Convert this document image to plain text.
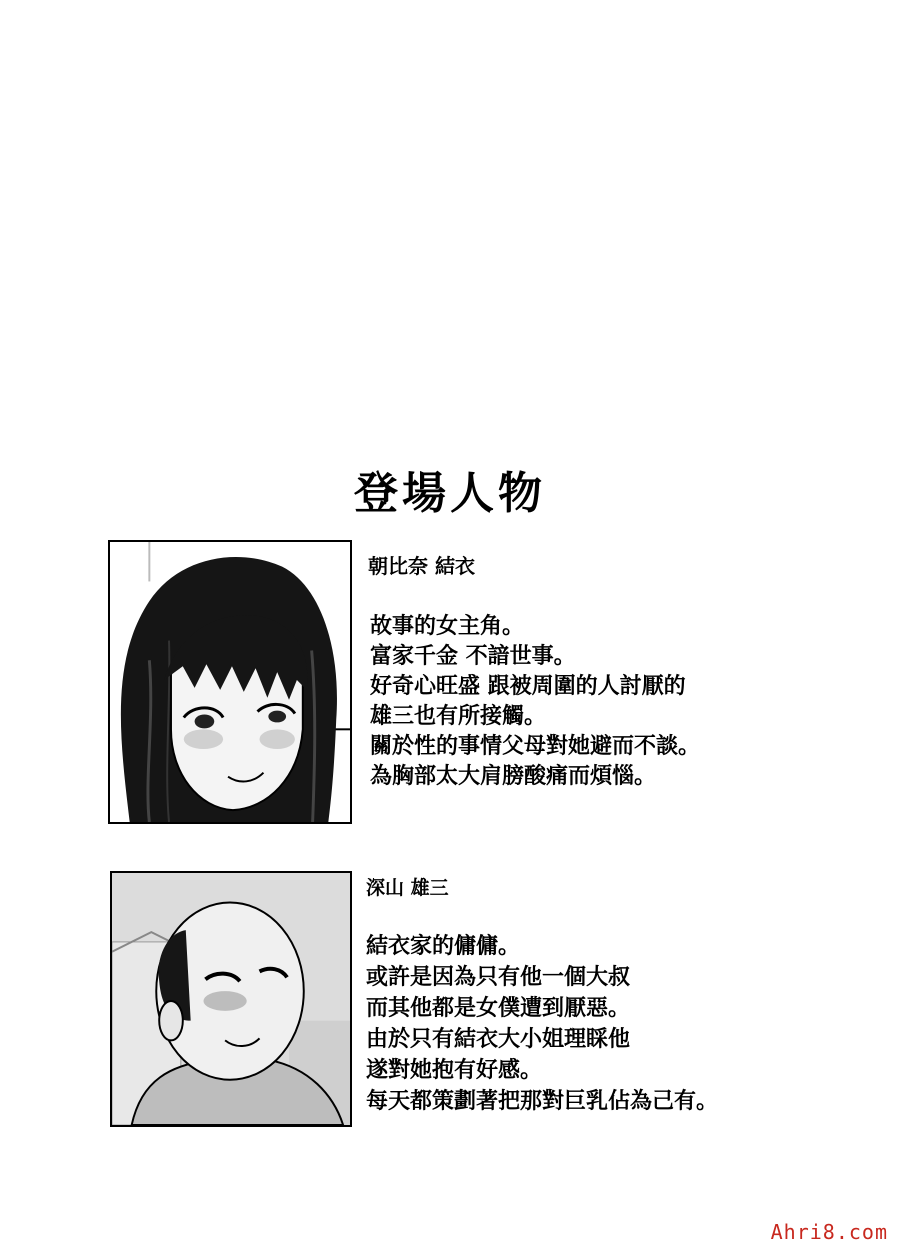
登場人物
朝比奈 結衣
故事的女主角。
富家千金 不諳世事。
好奇心旺盛 跟被周圍的人討厭的
雄三也有所接觸。
關於性的事情父母對她避而不談。
為胸部太大肩膀酸痛而煩惱。
深山 雄三
結衣家的傭傭。
或許是因為只有他一個大叔
而其他都是女僕遭到厭惡。
由於只有結衣大小姐理睬他
遂對她抱有好感。
每天都策劃著把那對巨乳佔為己有。
Ahri8.com
